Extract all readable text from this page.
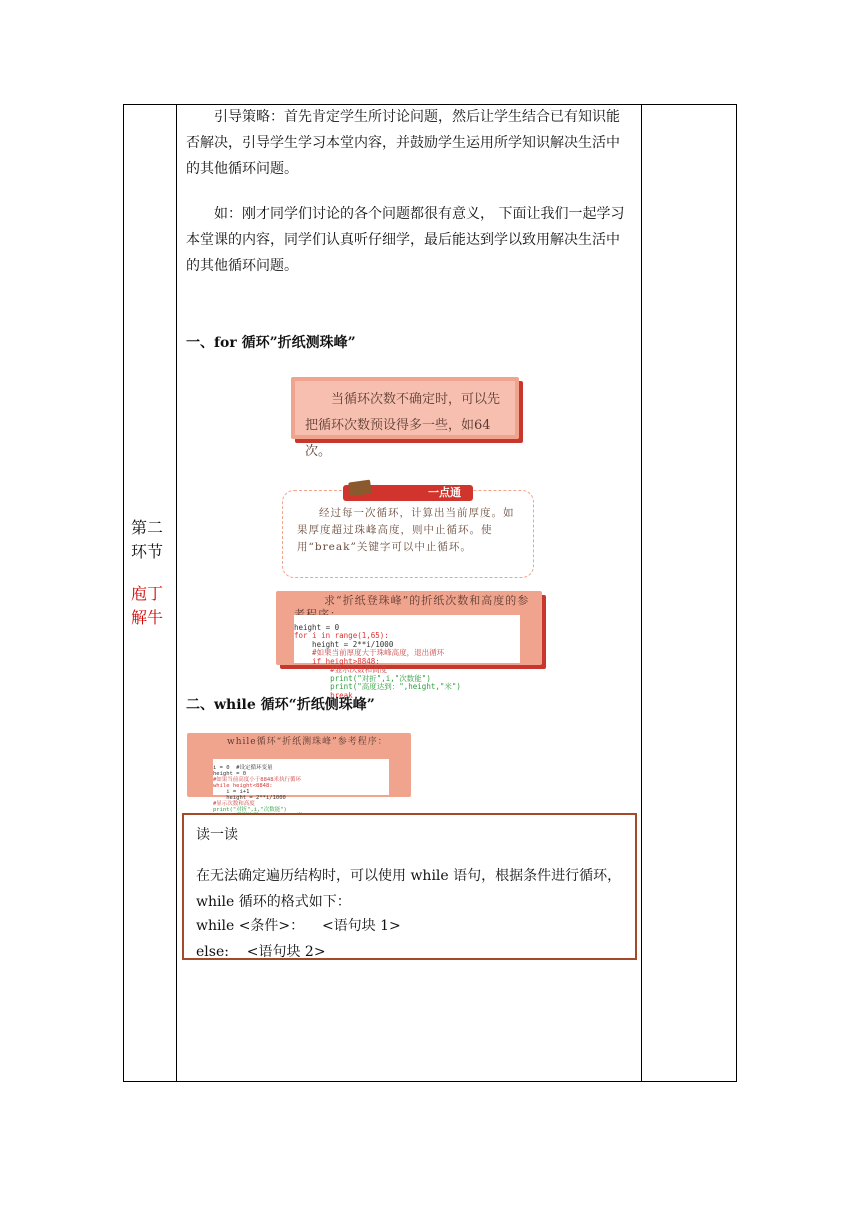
第二
环节
庖丁
解牛

引导策略：首先肯定学生所讨论问题，然后让学生结合已有知识能否解决，引导学生学习本堂内容，并鼓励学生运用所学知识解决生活中的其他循环问题。

如：刚才同学们讨论的各个问题都很有意义， 下面让我们一起学习本堂课的内容，同学们认真听仔细学，最后能达到学以致用解决生活中的其他循环问题。

一、for 循环”折纸测珠峰”
当循环次数不确定时，可以先把循环次数预设得多一些，如64次。
一点通
经过每一次循环，计算出当前厚度。如果厚度超过珠峰高度，则中止循环。使用“break”关键字可以中止循环。
求“折纸登珠峰”的折纸次数和高度的参

height = 0
for i in range(1,65):
height = 2**i/1000
#如果当前厚度大于珠峰高度，退出循环
if height>8848:
#显示次数和高度
print("对折",i,"次数能")
print("高度达到：",height,"米")
break
二、while 循环“折纸侧珠峰”
while循环“折纸测珠峰”参考程序：

i = 0  #设定循环变量
height = 0
#如果当前高度小于8848米执行循环
while height<8848:
i = i+1
height = 2**i/1000
#显示次数和高度
print("对折",i,"次数能")

读一读

在无法确定遍历结构时，可以使用 while 语句，根据条件进行循环，while 循环的格式如下：

while <条件>：    <语句块 1>
else:    <语句块 2>
